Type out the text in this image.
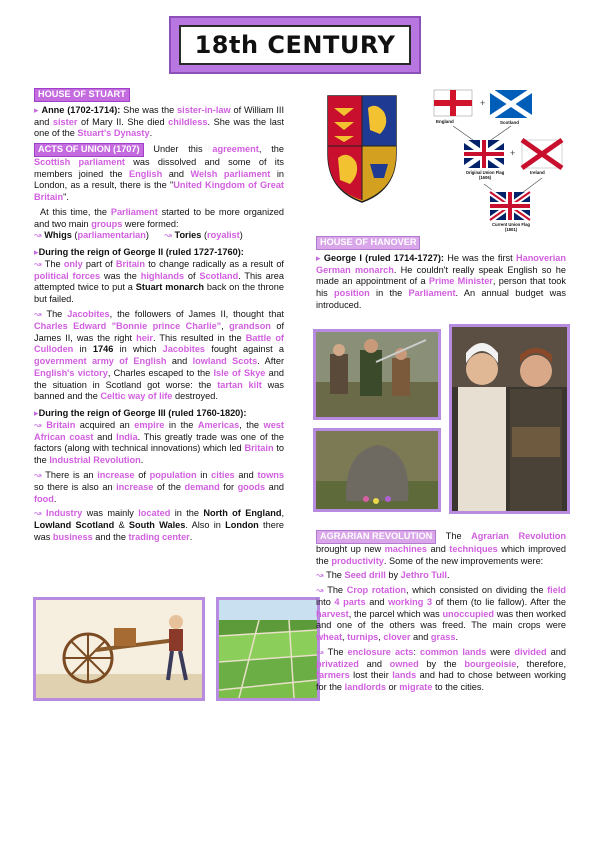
18th CENTURY

HOUSE OF STUART

▸ Anne (1702-1714): She was the sister-in-law of William III and sister of Mary II. She died childless. She was the last one of the Stuart's Dynasty.

ACTS OF UNION (1707) Under this agreement, the Scottish parliament was dissolved and some of its members joined the English and Welsh parliament in London, as a result, there is the "United Kingdom of Great Britain".

At this time, the Parliament started to be more organized and two main groups were formed:
↝ Whigs (parliamentarian)      ↝ Tories (royalist)

▸During the reign of George II (ruled 1727-1760):
↝ The only part of Britain to change radically as a result of political forces was the highlands of Scotland. This area attempted twice to put a Stuart monarch back on the throne but failed.

↝ The Jacobites, the followers of James II, thought that Charles Edward "Bonnie prince Charlie", grandson of James II, was the right heir. This resulted in the Battle of Culloden in 1746 in which Jacobites fought against a government army of English and lowland Scots. After English's victory, Charles escaped to the Isle of Skye and the situation in Scotland got worse: the tartan kilt was banned and the Celtic way of life destroyed.

▸During the reign of George III (ruled 1760-1820):
↝ Britain acquired an empire in the Americas, the west African coast and India. This greatly trade was one of the factors (along with technical innovations) which led Britain to the Industrial Revolution.

↝ There is an increase of population in cities and towns so there is also an increase of the demand for goods and food.

↝ Industry was mainly located in the North of England, Lowland Scotland & South Wales. Also in London there was business and the trading center.

+
+
England	Scotland
Original Union Flag
(1606)
Ireland
Current Union Flag
(1801)

HOUSE OF HANOVER

▸ George I (ruled 1714-1727): He was the first Hanoverian German monarch. He couldn't really speak English so he made an appointment of a Prime Minister, person that took his position in the Parliament. An annual budget was introduced.

AGRARIAN REVOLUTION The Agrarian Revolution brought up new machines and techniques which improved the productivity. Some of the new improvements were:

↝ The Seed drill by Jethro Tull.

↝ The Crop rotation, which consisted on dividing the field into 4 parts and working 3 of them (to lie fallow). After the harvest, the parcel which was unoccupied was then worked and one of the others was freed. The main crops were wheat, turnips, clover and grass.

↝ The enclosure acts: common lands were divided and privatized and owned by the bourgeoisie, therefore, farmers lost their lands and had to chose between working for the landlords or migrate to the cities.
